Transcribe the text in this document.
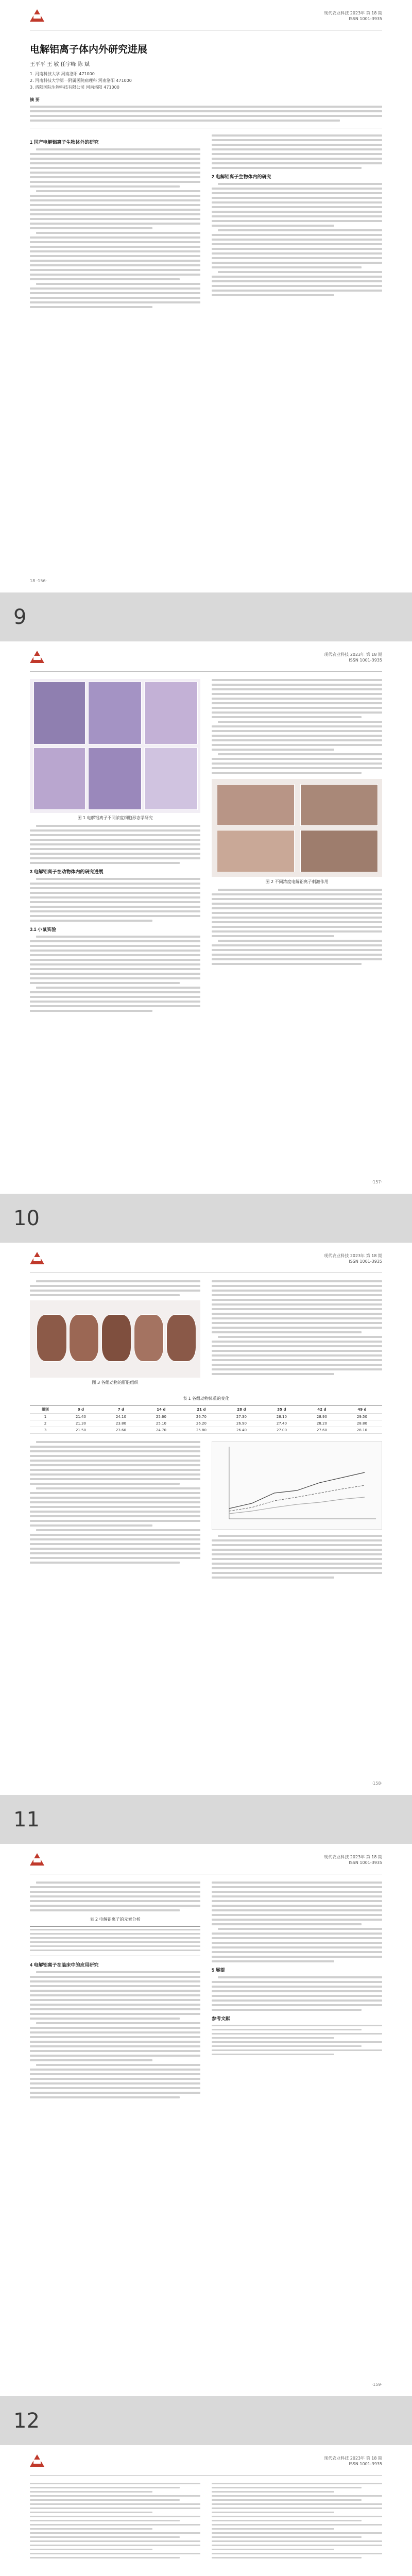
9
10
11
12
现代农业科技 2023年 第 18 期
ISSN 1001-3935
电解铝离子体内外研究进展
王平平 王 敏 任宇峰 陈 斌
1. 河南科技大学 河南洛阳 471000
2. 河南科技大学第一附属医院病理科 河南洛阳 471000
3. 洛阳国际生物科技有限公司 河南洛阳 471000
摘 要
1 国产电解铝离子生物体外的研究
2 电解铝离子生物体内的研究
18 ·156·
现代农业科技 2023年 第 18 期
ISSN 1001-3935
图 1 电解铝离子不同浓度细胞形态学研究
3 电解铝离子在动物体内的研究进展
3.1 小鼠实验
图 2 不同浓度电解铝离子刺激作用
·157·
现代农业科技 2023年 第 18 期
ISSN 1001-3935
图 3 各组动物的肝脏组织
表 1 各组动物体重的变化
组别	0 d	7 d	14 d	21 d	28 d	35 d	42 d	49 d
1	21.40	24.10	25.60	26.70	27.30	28.10	28.90	29.50
2	21.30	23.80	25.10	26.20	26.90	27.40	28.20	28.80
3	21.50	23.60	24.70	25.80	26.40	27.00	27.60	28.10
·158·
现代农业科技 2023年 第 18 期
ISSN 1001-3935
表 2 电解铝离子的元素分析
4 电解铝离子在临床中的应用研究
5 展望
参考文献
·159·
现代农业科技 2023年 第 18 期
ISSN 1001-3935
